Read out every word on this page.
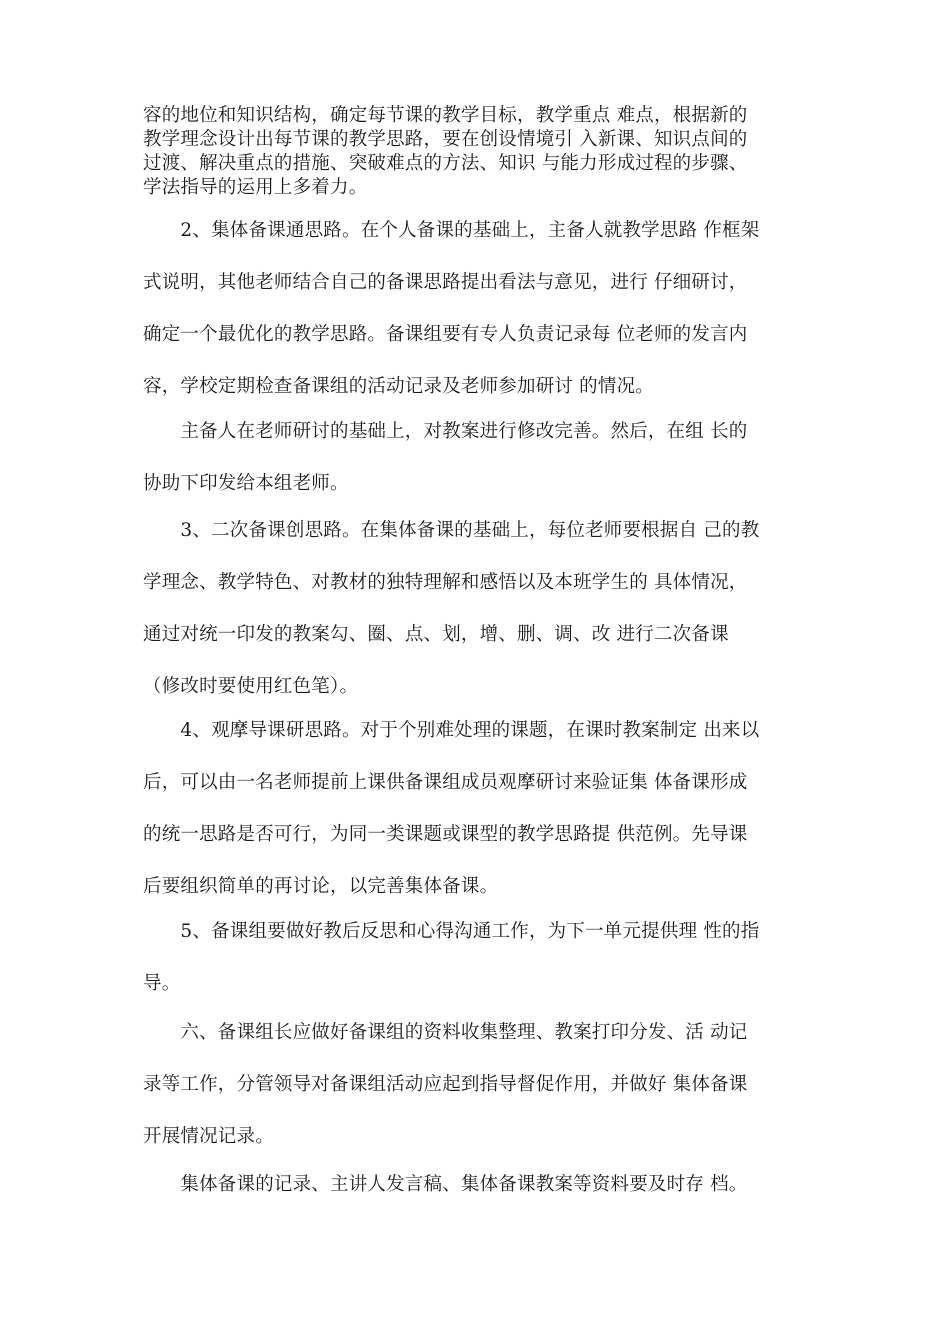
容的地位和知识结构，确定每节课的教学目标，教学重点 难点，根据新的
教学理念设计出每节课的教学思路，要在创设情境引 入新课、知识点间的
过渡、解决重点的措施、突破难点的方法、知识 与能力形成过程的步骤、
学法指导的运用上多着力。
　　2、集体备课通思路。在个人备课的基础上，主备人就教学思路 作框架
式说明，其他老师结合自己的备课思路提出看法与意见，进行 仔细研讨，
确定一个最优化的教学思路。备课组要有专人负责记录每 位老师的发言内
容，学校定期检查备课组的活动记录及老师参加研讨 的情况。
　　主备人在老师研讨的基础上，对教案进行修改完善。然后，在组 长的
协助下印发给本组老师。
　　3、二次备课创思路。在集体备课的基础上，每位老师要根据自 己的教
学理念、教学特色、对教材的独特理解和感悟以及本班学生的 具体情况，
通过对统一印发的教案勾、圈、点、划，增、删、调、改 进行二次备课
（修改时要使用红色笔）。
　　4、观摩导课研思路。对于个别难处理的课题，在课时教案制定 出来以
后，可以由一名老师提前上课供备课组成员观摩研讨来验证集 体备课形成
的统一思路是否可行，为同一类课题或课型的教学思路提 供范例。先导课
后要组织简单的再讨论，以完善集体备课。
　　5、备课组要做好教后反思和心得沟通工作，为下一单元提供理 性的指
导。
　　六、备课组长应做好备课组的资料收集整理、教案打印分发、活 动记
录等工作，分管领导对备课组活动应起到指导督促作用，并做好 集体备课
开展情况记录。
　　集体备课的记录、主讲人发言稿、集体备课教案等资料要及时存 档。
